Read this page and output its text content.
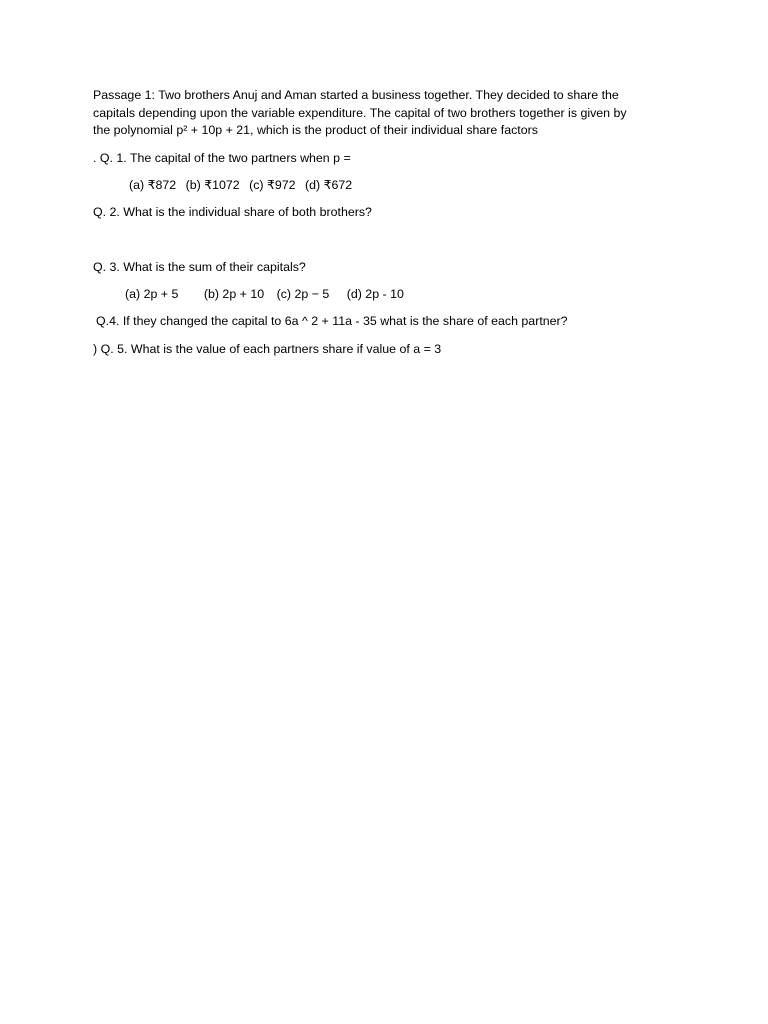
Passage 1: Two brothers Anuj and Aman started a business together. They decided to share the
capitals depending upon the variable expenditure. The capital of two brothers together is given by
the polynomial p² + 10p + 21, which is the product of their individual share factors
. Q. 1. The capital of the two partners when p =
(a) ₹872 (b) ₹1072 (c) ₹972 (d) ₹672
Q. 2. What is the individual share of both brothers?
Q. 3. What is the sum of their capitals?
(a) 2p + 5 (b) 2p + 10 (c) 2p − 5 (d) 2p - 10
Q.4. If they changed the capital to 6a ^ 2 + 11a - 35 what is the share of each partner?
) Q. 5. What is the value of each partners share if value of a = 3
